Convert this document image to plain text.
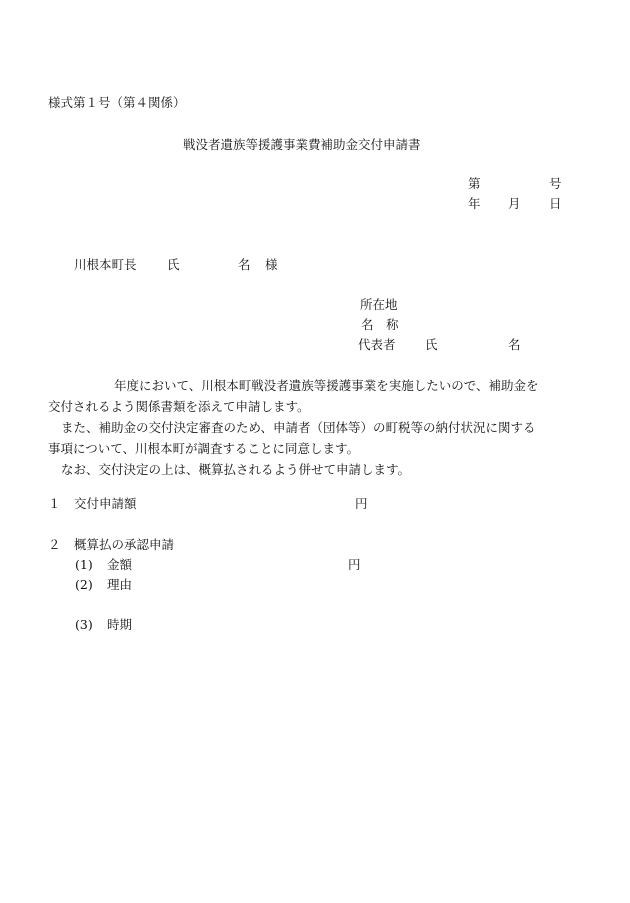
様式第１号（第４関係）
戦没者遺族等援護事業費補助金交付申請書
第	号
年 月 日
川根本町長 氏	名 様
所在地
名　称
代表者 氏	名

年度において、川根本町戦没者遺族等援護事業を実施したいので、補助金を

交付されるよう関係書類を添えて申請します。

また、補助金の交付決定審査のため、申請者（団体等）の町税等の納付状況に関する

事項について、川根本町が調査することに同意します。

なお、交付決定の上は、概算払されるよう併せて申請します。

１ 交付申請額	円
２ 概算払の承認申請
(1) 金額	円
(2) 理由
(3) 時期
